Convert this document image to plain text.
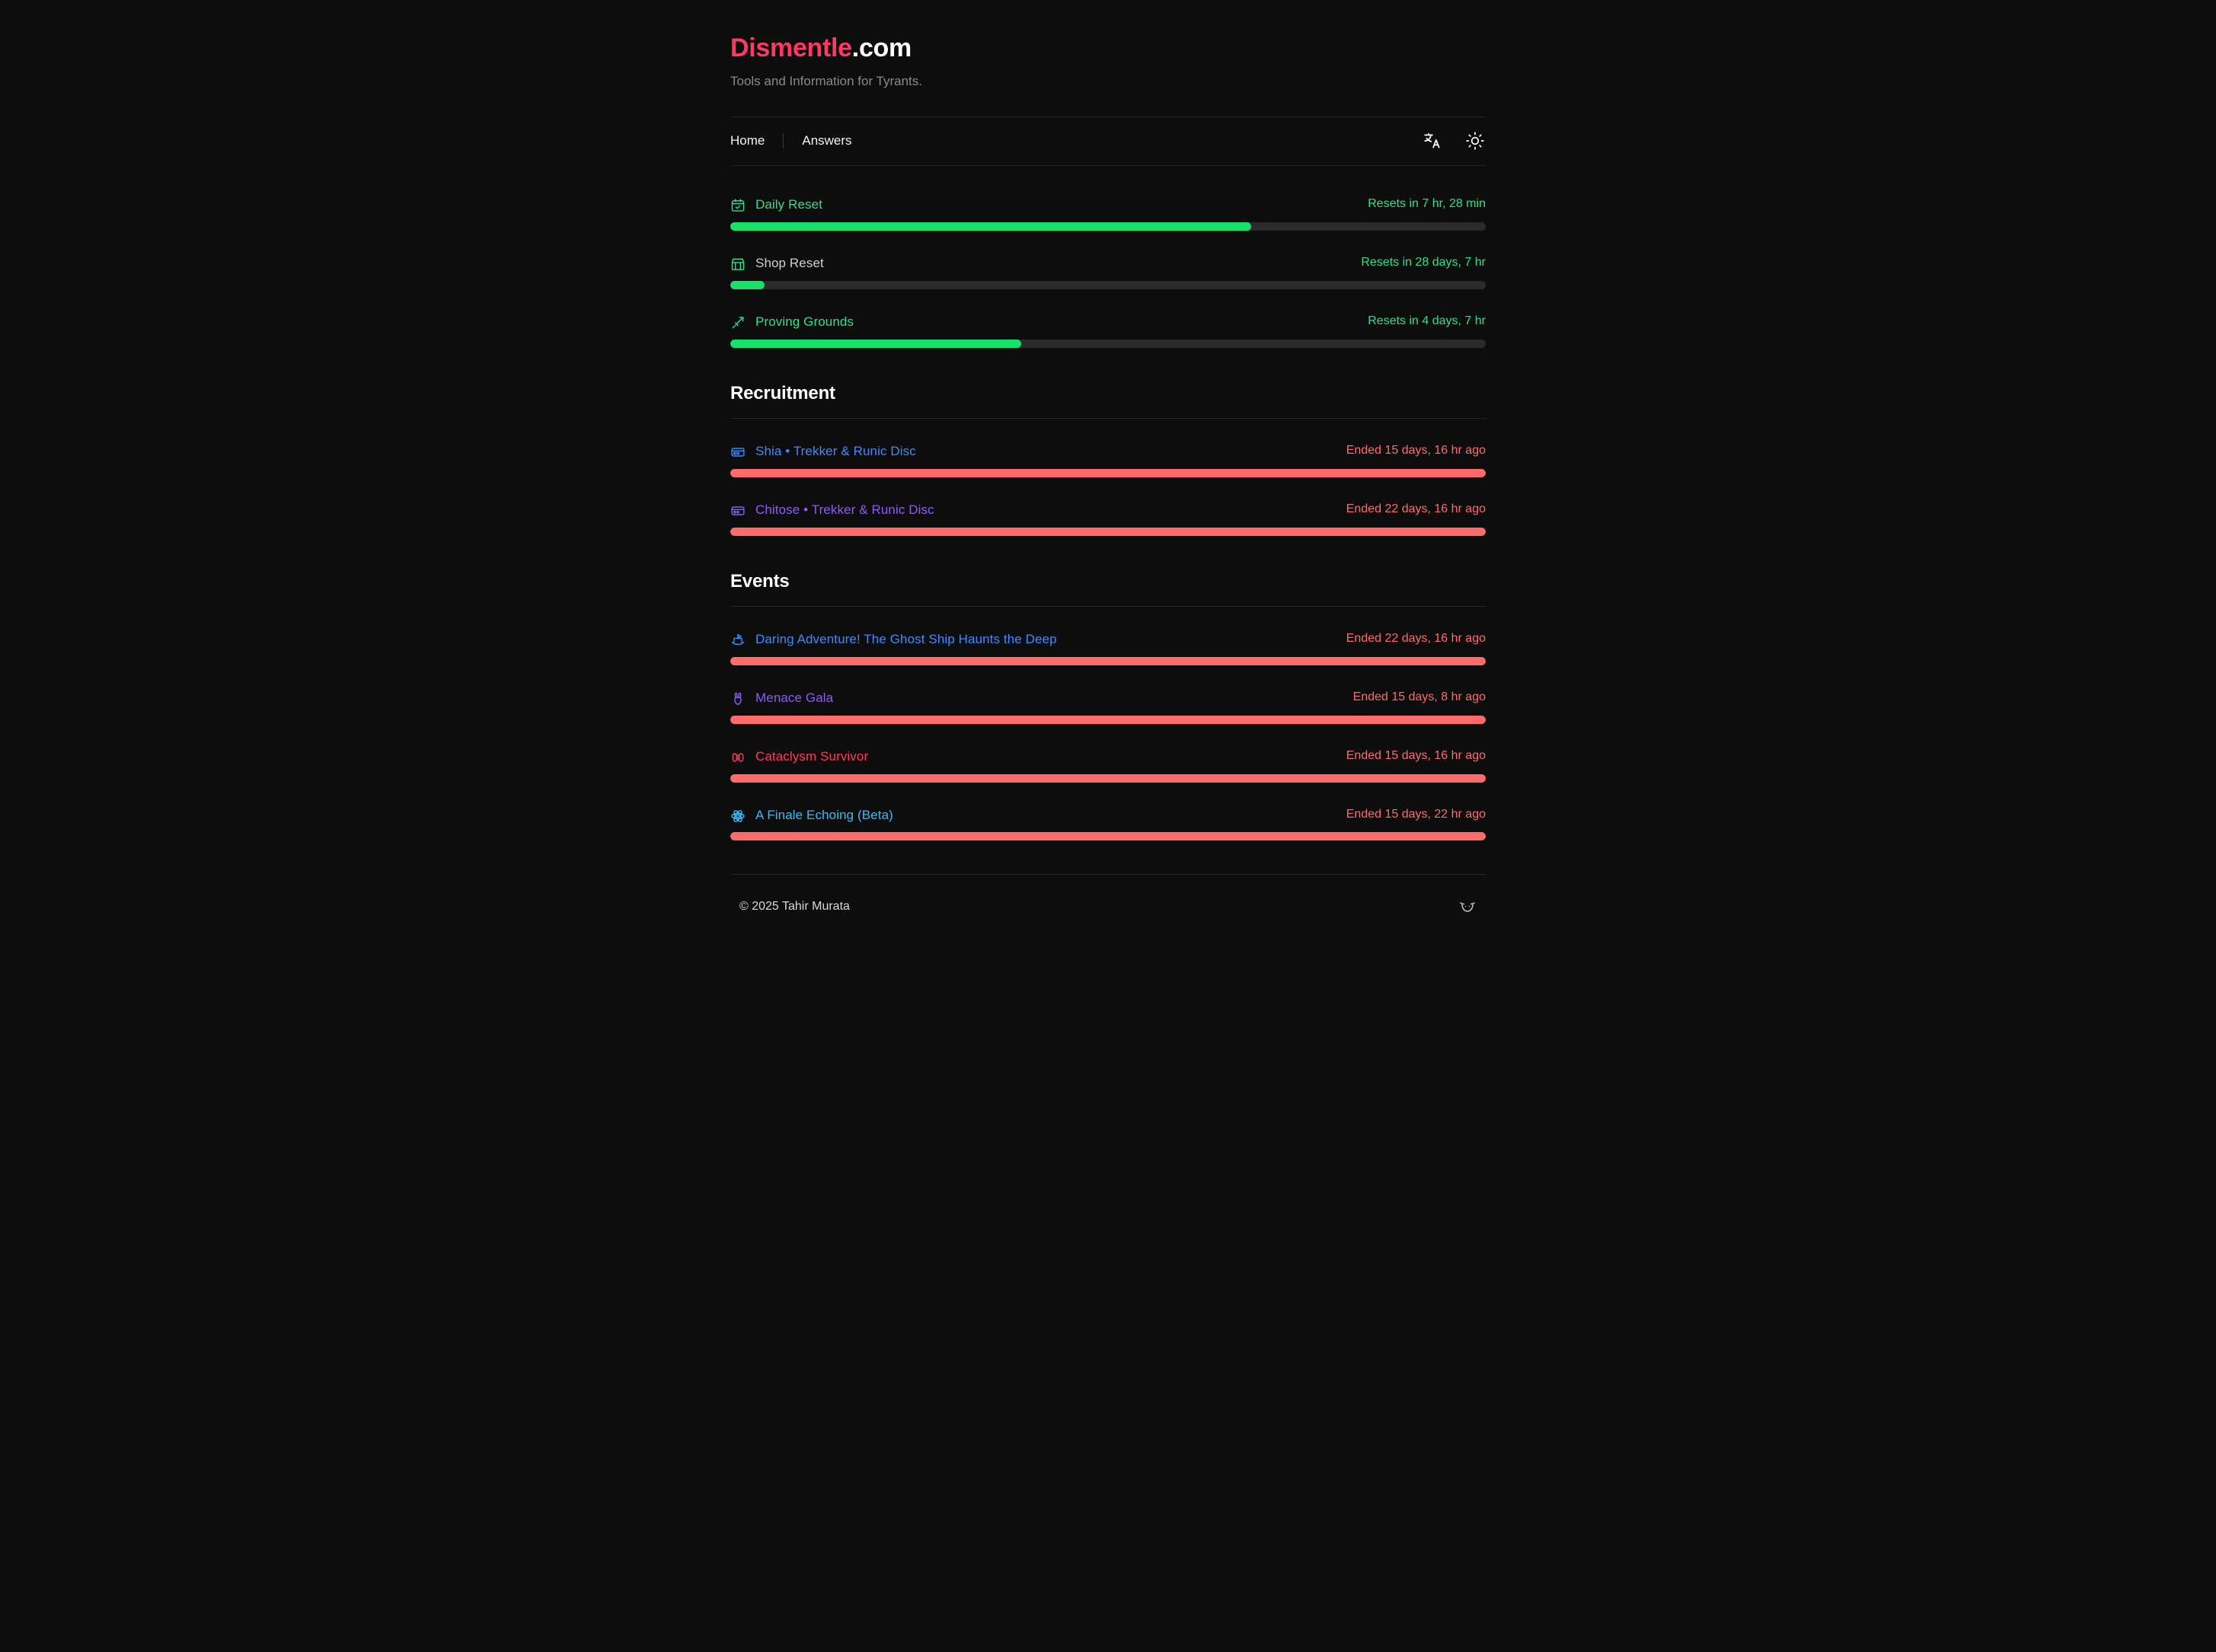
Dismentle.com
Tools and Information for Tyrants.
Home	Answers
Daily Reset	Resets in 7 hr, 28 min
Shop Reset	Resets in 28 days, 7 hr
Proving Grounds	Resets in 4 days, 7 hr
Recruitment
Shia • Trekker & Runic Disc	Ended 15 days, 16 hr ago
Chitose • Trekker & Runic Disc	Ended 22 days, 16 hr ago
Events
Daring Adventure! The Ghost Ship Haunts the Deep	Ended 22 days, 16 hr ago
Menace Gala	Ended 15 days, 8 hr ago
Cataclysm Survivor	Ended 15 days, 16 hr ago
A Finale Echoing (Beta)	Ended 15 days, 22 hr ago
© 2025 Tahir Murata
